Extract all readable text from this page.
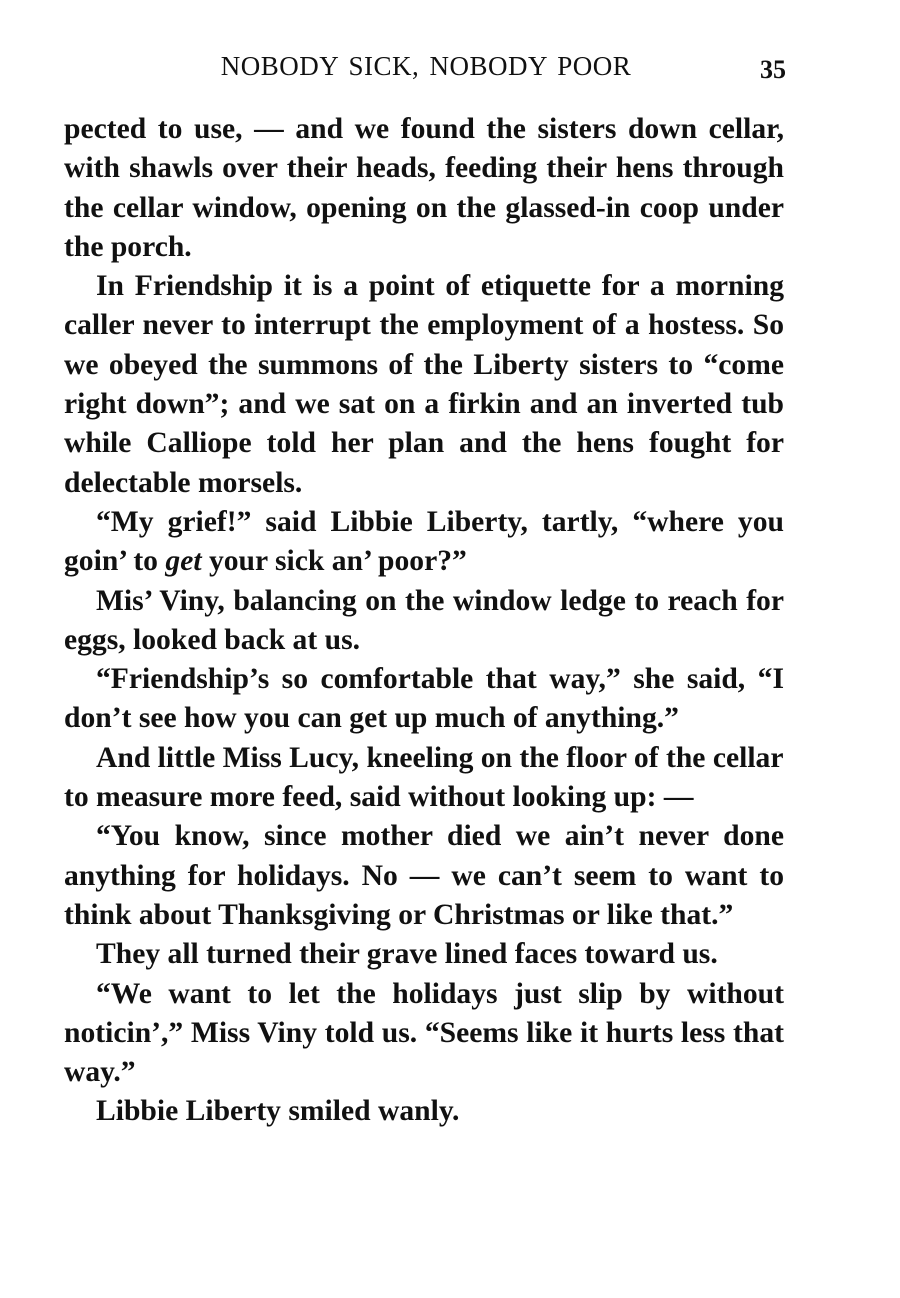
NOBODY SICK, NOBODY POOR	35

pected to use, — and we found the sisters down cellar, with shawls over their heads, feeding their hens through the cellar window, opening on the glassed-in coop under the porch.

In Friendship it is a point of etiquette for a morning caller never to interrupt the employment of a hostess. So we obeyed the summons of the Liberty sisters to “come right down”; and we sat on a firkin and an inverted tub while Calliope told her plan and the hens fought for delectable morsels.

“My grief!” said Libbie Liberty, tartly, “where you goin’ to get your sick an’ poor?”

Mis’ Viny, balancing on the window ledge to reach for eggs, looked back at us.

“Friendship’s so comfortable that way,” she said, “I don’t see how you can get up much of anything.”

And little Miss Lucy, kneeling on the floor of the cellar to measure more feed, said without looking up: —

“You know, since mother died we ain’t never done anything for holidays. No — we can’t seem to want to think about Thanksgiving or Christmas or like that.”

They all turned their grave lined faces toward us.

“We want to let the holidays just slip by without noticin’,” Miss Viny told us. “Seems like it hurts less that way.”

Libbie Liberty smiled wanly.
